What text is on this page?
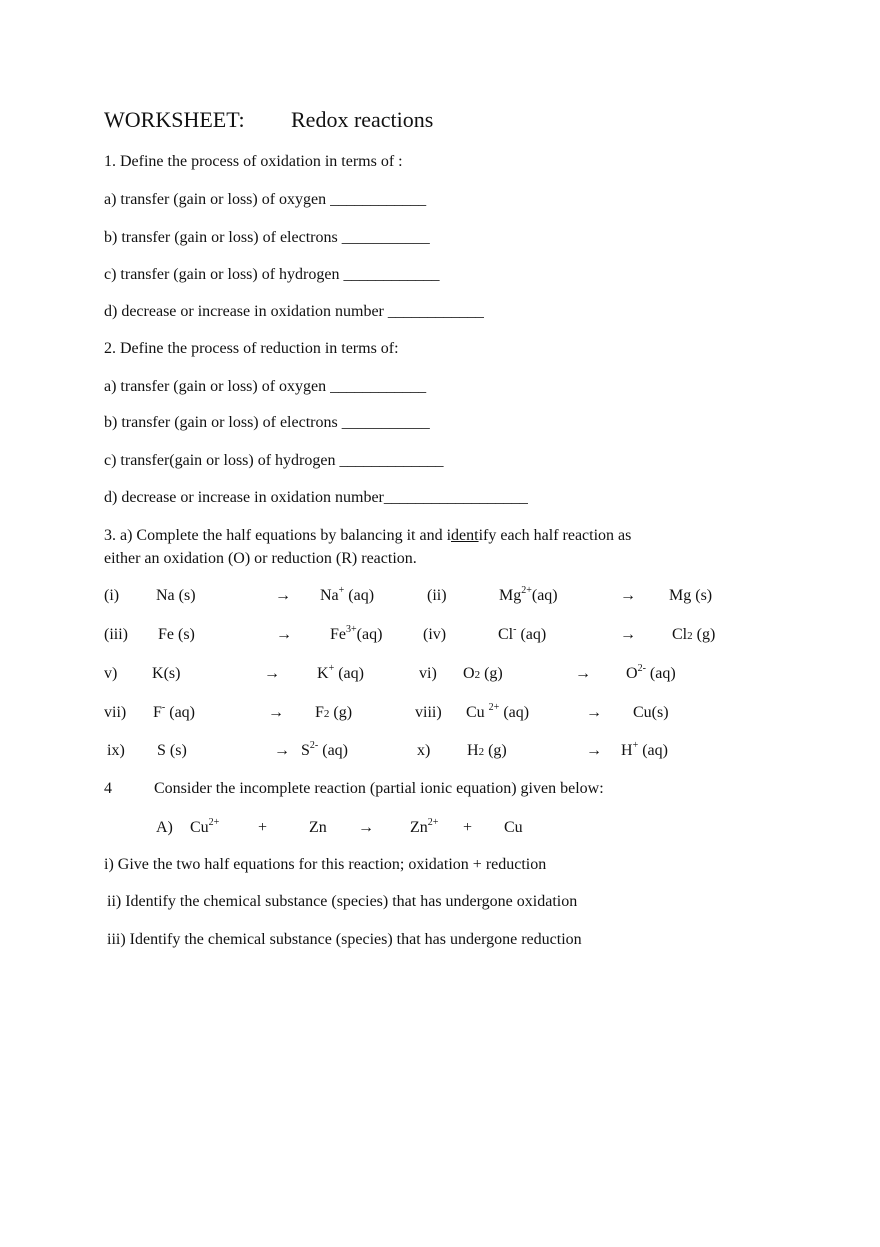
WORKSHEET: Redox reactions
1. Define the process of oxidation in terms of :
a) transfer (gain or loss) of oxygen ____________
b) transfer (gain or loss) of electrons ___________
c) transfer (gain or loss) of hydrogen ____________
d) decrease or increase in oxidation number ____________
2. Define the process of reduction in terms of:
a) transfer (gain or loss) of oxygen ____________
b) transfer (gain or loss) of electrons ___________
c) transfer(gain or loss) of hydrogen _____________
d) decrease or increase in oxidation number__________________
3. a) Complete the half equations by balancing it and identify each half reaction as
either an oxidation (O) or reduction (R) reaction.
(i) Na (s)	→ Na+ (aq)	(ii)	$Mg^{2+}(aq)$	→ Mg (s)
(iii) Fe (s)	→ $Fe^{3+}(aq)$	(iv)	Cl- (aq)	→ Cl2 (g)
v) K(s)	→ K+ (aq)	vi) O2 (g)	→ $O^{2-}$ (aq)
vii) F- (aq)	→ F2 (g)	viii) Cu $^{2+}$ (aq)	→ Cu(s)
ix) S (s)	→ $S^{2-}$ (aq)	x) H2 (g)	→ H+ (aq)
4	Consider the incomplete reaction (partial ionic equation) given below:
A) $Cu^{2+}$ +	$Zn \to Zn^{2+} + Cu$
i) Give the two half equations for this reaction; oxidation + reduction
ii) Identify the chemical substance (species) that has undergone oxidation
iii) Identify the chemical substance (species) that has undergone reduction
